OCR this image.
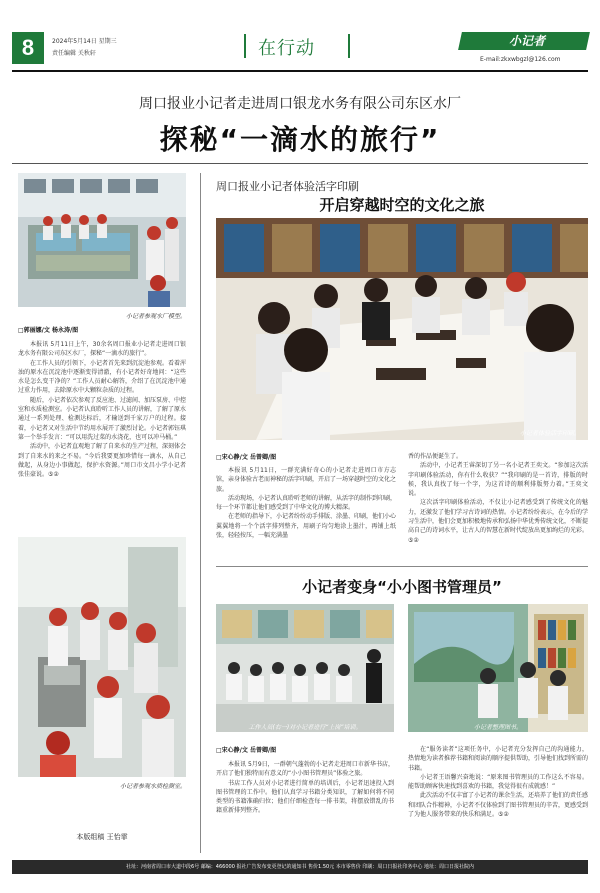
8	2024年5月14日 星期三
责任编辑 关秋轩	在行动	小记者
E-mail:zkxwbgzl@126.com
周口报业小记者走进周口银龙水务有限公司东区水厂
探秘“一滴水的旅行”
小记者参观水厂模型。
□郭丽娜/文 杨永涛/图

本报讯 5月11日上午，30余名周口报业小记者走进周口银龙水务有限公司东区水厂，探秘“一滴水的旅行”。

在工作人员的引领下，小记者首先来到沉淀池参观。看着浑浊的原水在沉淀池中逐渐变得清澈，有小记者好奇地问：“这些水是怎么变干净的？”工作人员耐心解答，介绍了在沉淀池中通过重力作用，去除原水中大颗粒杂质的过程。

随后，小记者依次参观了反应池、过滤间、加压泵房、中控室和水质检测室。小记者认真聆听工作人员的讲解，了解了原水通过一系列处理、检测达标后，才输送到千家万户的过程。接着，小记者又对生活中节约用水展开了激烈讨论。小记者郭钰琪第一个举手发言：“可以用洗过菜的水浇花，也可以冲马桶。”

活动中，小记者直观地了解了自来水的生产过程，深刻体会到了自来水的来之不易。“今后我要更加珍惜每一滴水，从自己做起，从身边小事做起，保护水资源。”周口市文昌小学小记者张佳豪说。⑤②

小记者参观水质检测室。
本版组稿 王怡霏
周口报业小记者体验活字印刷
开启穿越时空的文化之旅
小记者体验活字印刷。
□宋心静/文 岳曾卿/图

本报讯 5月11日，一群充满好奇心的小记者走进周口市方志馆，亲身体验古老而神秘的活字印刷，开启了一场穿越时空的文化之旅。

活动现场，小记者认真聆听老师的讲解，从活字的制作到印刷，每一个环节都让他们感受到了中华文化的博大精深。

在老师的指导下，小记者纷纷动手排版、涂墨、印刷，他们小心翼翼地将一个个活字排列整齐，用刷子均匀地涂上墨汁，再铺上纸张，轻轻按压，一幅充满墨

香的作品便诞生了。

活动中，小记者王睿深切了另一名小记者王奕文。“参加这次活字印刷体验活动，你有什么收获？”“我印刷的是一首诗，排版的时候，我认真找了每一个字，为这首诗的顺利排版努力着。”王奕文说。

这次活字印刷体验活动，不仅让小记者感受到了传统文化的魅力，还激发了他们学习古诗词的热情。小记者纷纷表示，在今后的学习生活中，他们会更加积极地传承和弘扬中华优秀传统文化，不断提高自己的诗词水平，让古人的智慧在新时代绽放出更加绚烂的光彩。⑤②

小记者变身“小小图书管理员”
工作人员(右一)对小记者进行“上岗”培训。	小记者整理图书。
□宋心静/文 岳曾卿/图

本报讯 5月9日，一群朝气蓬勃的小记者走进周口市新华书店，开启了他们独特而有意义的“小小图书管理员”体验之旅。

书店工作人员对小记者进行简单的培训后，小记者迅速投入到图书管理的工作中。他们认真学习书籍分类知识，了解如何将不同类型的书籍准确归位；他们仔细检查每一排书架，将摆放错乱的书籍重新排列整齐。

在“服务读者”这项任务中，小记者充分发挥自己的沟通能力，热情地为读者推荐书籍和阅读的顺序提供帮助，引导他们找到所需的书籍。

小记者王语馨兴奋地说：“原来图书管理员的工作这么不容易。能帮助顾客快速找到喜欢的书籍，我觉得很有成就感！”

此次活动不仅丰富了小记者的课余生活，还培养了他们的责任感和团队合作精神，小记者不仅体验到了图书管理员的辛苦，更感受到了为他人服务带来的快乐和满足。⑤②

社址：河南省周口市大道中段6号 邮编：466000 报社广告发布变更登记的通知书 售价1.50元 本市零售价 印刷：周口日报社印务中心 地址：周口日报社院内
